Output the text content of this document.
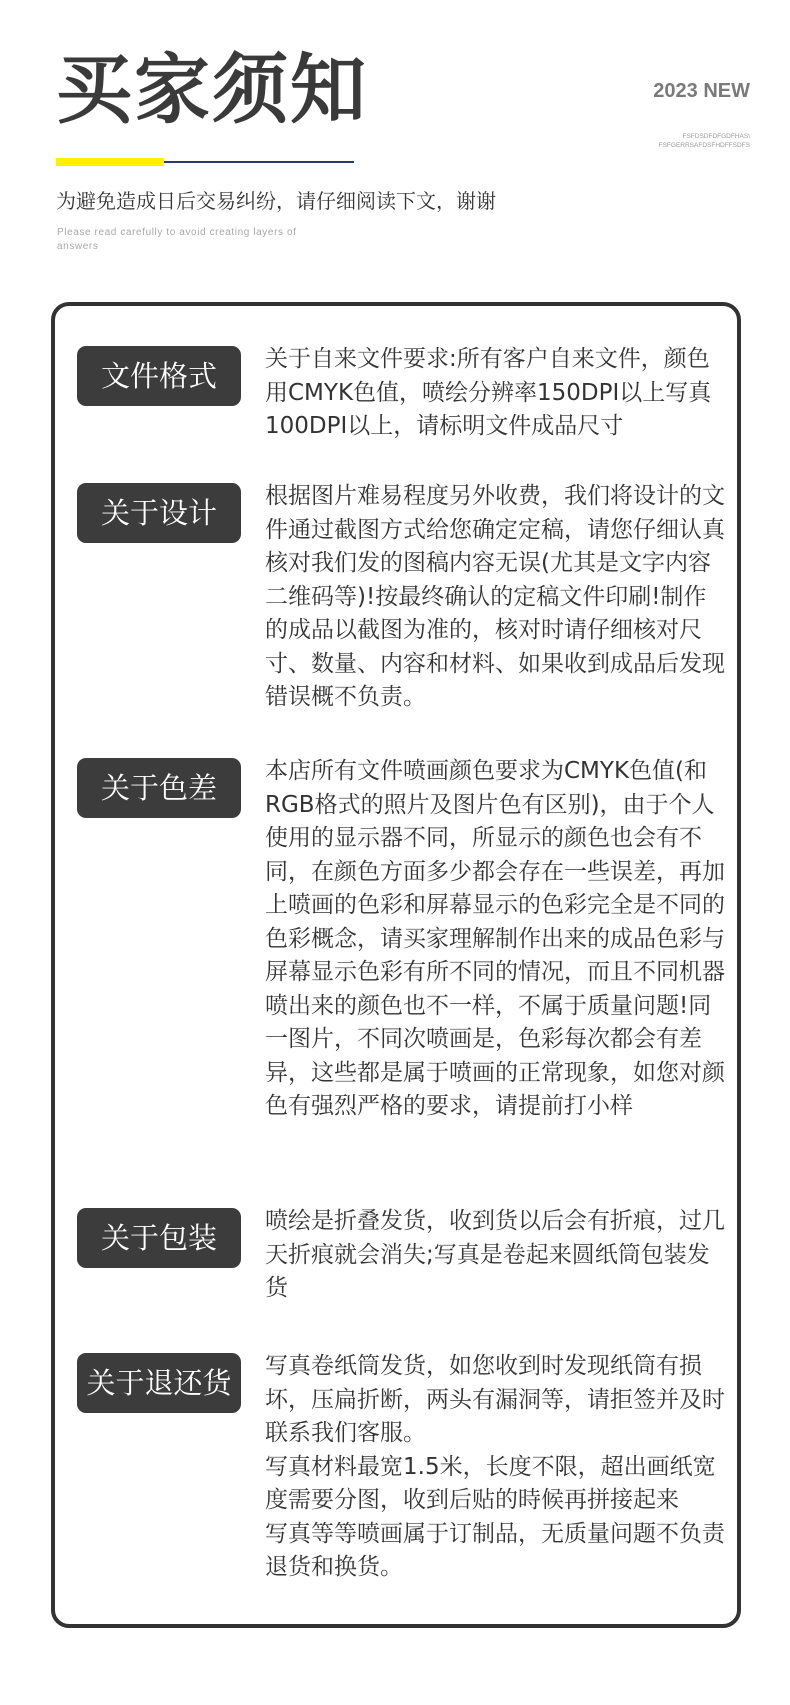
买家须知	2023 NEW
FSFDSDFDFGDFHAS\
FSFGERRSAFDSFHDFFSDFS
为避免造成日后交易纠纷，请仔细阅读下文，谢谢
Please read carefully to avoid creating layers of answers
文件格式	关于自来文件要求:所有客户自来文件，颜色用CMYK色值，喷绘分辨率150DPI以上写真100DPI以上，请标明文件成品尺寸

关于设计	根据图片难易程度另外收费，我们将设计的文件通过截图方式给您确定定稿，请您仔细认真核对我们发的图稿内容无误(尤其是文字内容二维码等)!按最终确认的定稿文件印刷!制作的成品以截图为准的，核对时请仔细核对尺寸、数量、内容和材料、如果收到成品后发现错误概不负责。

关于色差	本店所有文件喷画颜色要求为CMYK色值(和RGB格式的照片及图片色有区别)，由于个人使用的显示器不同，所显示的颜色也会有不同，在颜色方面多少都会存在一些误差，再加上喷画的色彩和屏幕显示的色彩完全是不同的色彩概念，请买家理解制作出来的成品色彩与屏幕显示色彩有所不同的情况，而且不同机器喷出来的颜色也不一样，不属于质量问题!同一图片，不同次喷画是，色彩每次都会有差异，这些都是属于喷画的正常现象，如您对颜色有强烈严格的要求，请提前打小样

关于包装	喷绘是折叠发货，收到货以后会有折痕，过几天折痕就会消失;写真是卷起来圆纸筒包装发货

关于退还货	写真卷纸筒发货，如您收到时发现纸筒有损坏，压扁折断，两头有漏洞等，请拒签并及时联系我们客服。

写真材料最宽1.5米，长度不限，超出画纸宽度需要分图，收到后贴的時候再拼接起来

写真等等喷画属于订制品，无质量问题不负责退货和换货。
